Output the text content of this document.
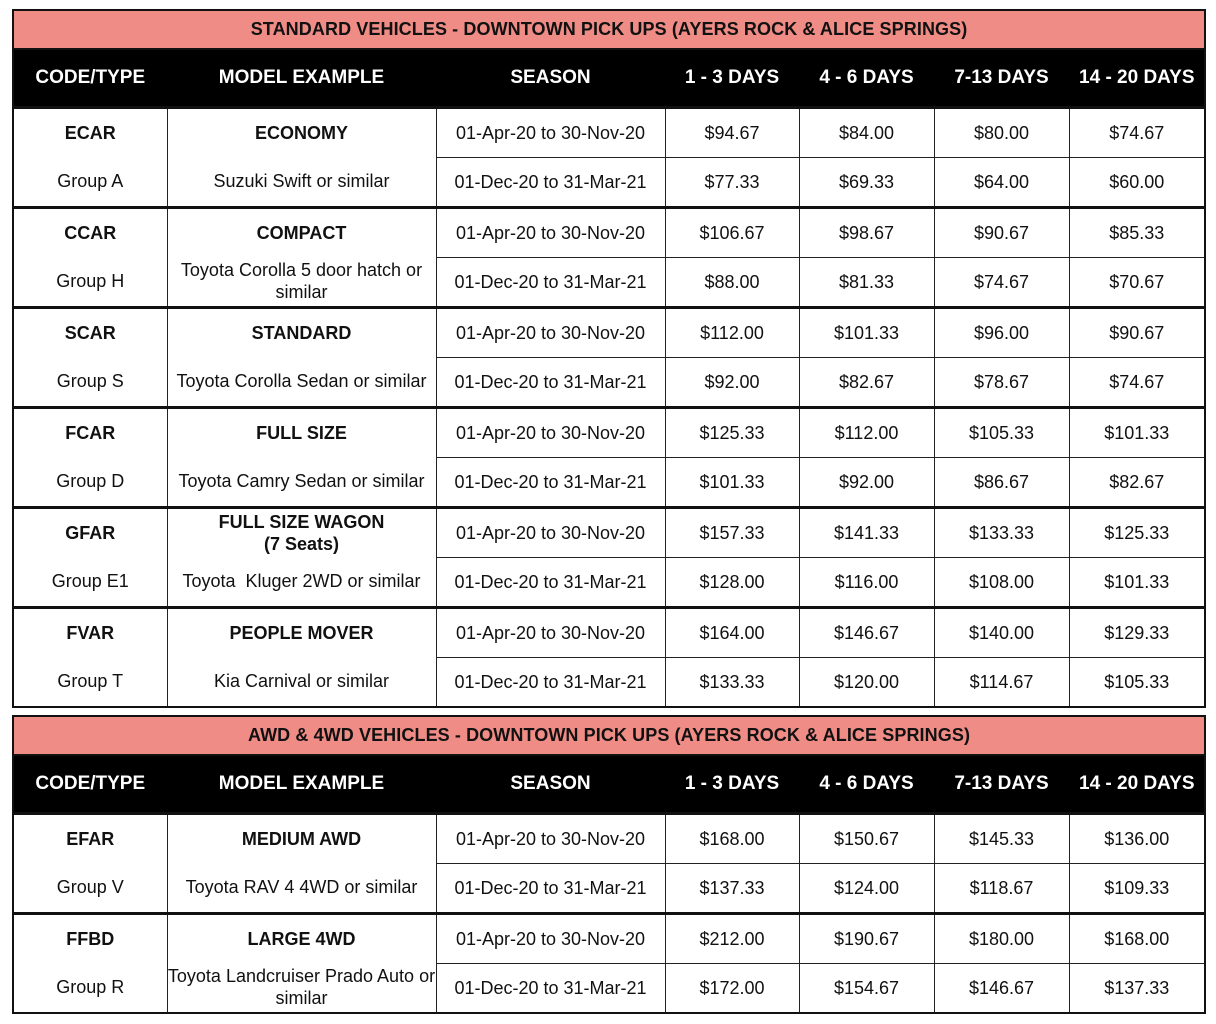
STANDARD VEHICLES - DOWNTOWN PICK UPS (AYERS ROCK & ALICE SPRINGS)						
CODE/TYPE	MODEL EXAMPLE	SEASON	1 - 3 DAYS	4 - 6 DAYS	7-13 DAYS	14 - 20 DAYS
ECAR	ECONOMY	01-Apr-20 to 30-Nov-20	$94.67	$84.00	$80.00	$74.67
Group A	Suzuki Swift or similar	01-Dec-20 to 31-Mar-21	$77.33	$69.33	$64.00	$60.00
CCAR	COMPACT	01-Apr-20 to 30-Nov-20	$106.67	$98.67	$90.67	$85.33
Group H	Toyota Corolla 5 door hatch or similar	01-Dec-20 to 31-Mar-21	$88.00	$81.33	$74.67	$70.67
SCAR	STANDARD	01-Apr-20 to 30-Nov-20	$112.00	$101.33	$96.00	$90.67
Group S	Toyota Corolla Sedan or similar	01-Dec-20 to 31-Mar-21	$92.00	$82.67	$78.67	$74.67
FCAR	FULL SIZE	01-Apr-20 to 30-Nov-20	$125.33	$112.00	$105.33	$101.33
Group D	Toyota Camry Sedan or similar	01-Dec-20 to 31-Mar-21	$101.33	$92.00	$86.67	$82.67
GFAR	FULL SIZE WAGON (7 Seats)	01-Apr-20 to 30-Nov-20	$157.33	$141.33	$133.33	$125.33
Group E1	Toyota  Kluger 2WD or similar	01-Dec-20 to 31-Mar-21	$128.00	$116.00	$108.00	$101.33
FVAR	PEOPLE MOVER	01-Apr-20 to 30-Nov-20	$164.00	$146.67	$140.00	$129.33
Group T	Kia Carnival or similar	01-Dec-20 to 31-Mar-21	$133.33	$120.00	$114.67	$105.33
AWD & 4WD VEHICLES - DOWNTOWN PICK UPS (AYERS ROCK & ALICE SPRINGS)						
CODE/TYPE	MODEL EXAMPLE	SEASON	1 - 3 DAYS	4 - 6 DAYS	7-13 DAYS	14 - 20 DAYS
EFAR	MEDIUM AWD	01-Apr-20 to 30-Nov-20	$168.00	$150.67	$145.33	$136.00
Group V	Toyota RAV 4 4WD or similar	01-Dec-20 to 31-Mar-21	$137.33	$124.00	$118.67	$109.33
FFBD	LARGE 4WD	01-Apr-20 to 30-Nov-20	$212.00	$190.67	$180.00	$168.00
Group R	Toyota Landcruiser Prado Auto or similar	01-Dec-20 to 31-Mar-21	$172.00	$154.67	$146.67	$137.33
